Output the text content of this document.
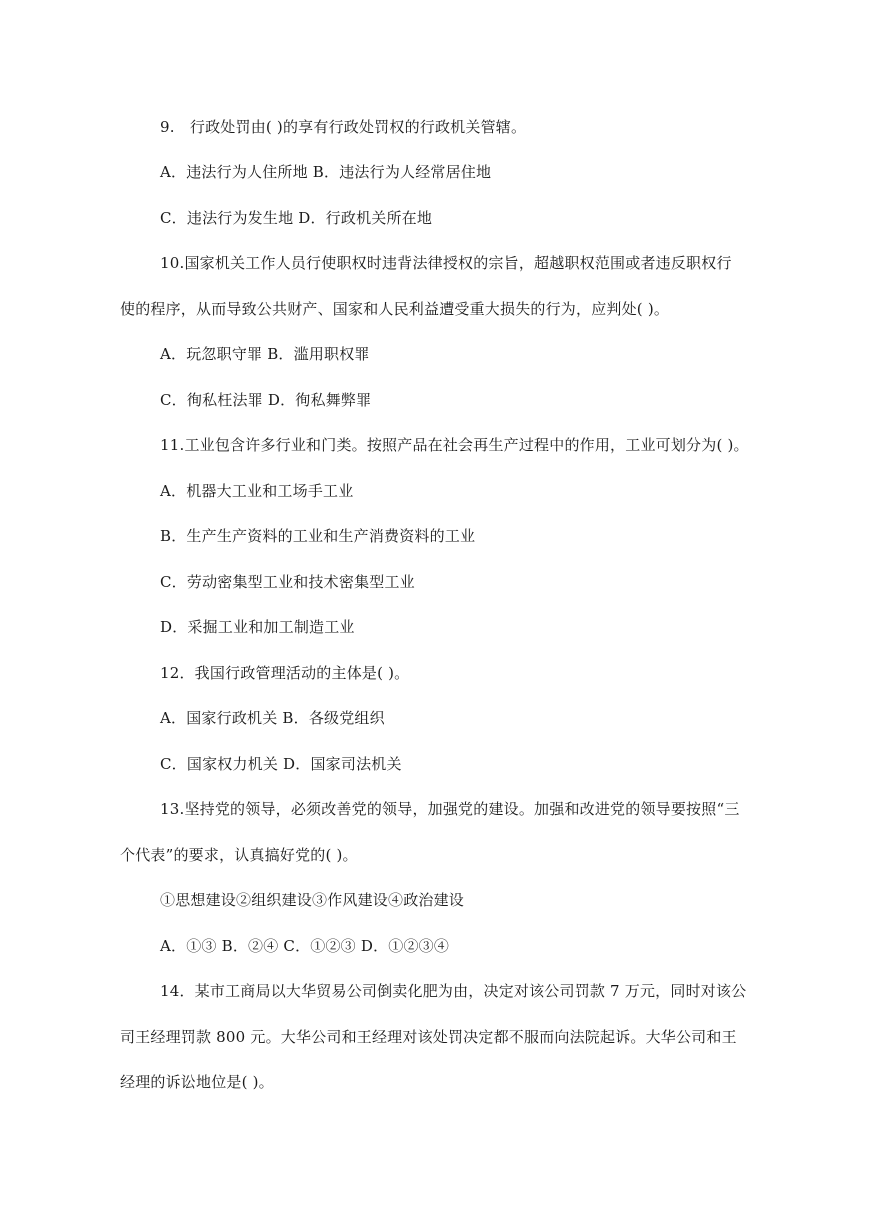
9.　行政处罚由( )的享有行政处罚权的行政机关管辖。
A．违法行为人住所地 B．违法行为人经常居住地
C．违法行为发生地 D．行政机关所在地
10.国家机关工作人员行使职权时违背法律授权的宗旨，超越职权范围或者违反职权行
使的程序，从而导致公共财产、国家和人民利益遭受重大损失的行为，应判处( )。
A．玩忽职守罪 B．滥用职权罪
C．徇私枉法罪 D．徇私舞弊罪
11.工业包含许多行业和门类。按照产品在社会再生产过程中的作用，工业可划分为( )。
A．机器大工业和工场手工业
B．生产生产资料的工业和生产消费资料的工业
C．劳动密集型工业和技术密集型工业
D．采掘工业和加工制造工业
12．我国行政管理活动的主体是( )。
A．国家行政机关 B．各级党组织
C．国家权力机关 D．国家司法机关
13.坚持党的领导，必须改善党的领导，加强党的建设。加强和改进党的领导要按照“三
个代表”的要求，认真搞好党的( )。
①思想建设②组织建设③作风建设④政治建设
A．①③ B．②④ C．①②③ D．①②③④
14．某市工商局以大华贸易公司倒卖化肥为由，决定对该公司罚款 7 万元，同时对该公
司王经理罚款 800 元。大华公司和王经理对该处罚决定都不服而向法院起诉。大华公司和王
经理的诉讼地位是( )。
